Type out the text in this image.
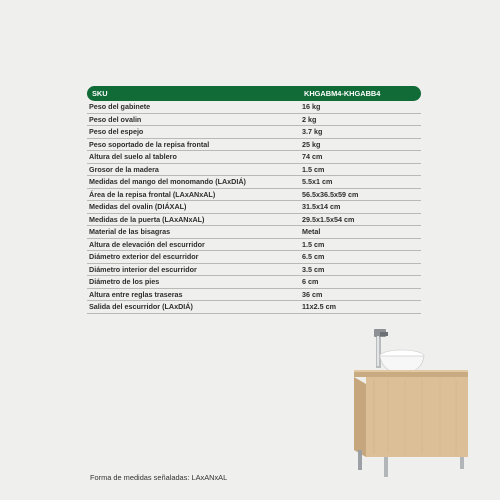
SKU	KHGABM4-KHGABB4
Peso del gabinete	16 kg
Peso del ovalin	2 kg
Peso del espejo	3.7 kg
Peso soportado de la repisa frontal	25 kg
Altura del suelo al tablero	74 cm
Grosor de la madera	1.5 cm
Medidas del mango del monomando (LAxDIÁ)	5.5x1 cm
Área de la repisa frontal (LAxANxAL)	56.5x36.5x59 cm
Medidas del ovalin (DIÁXAL)	31.5x14 cm
Medidas de la puerta (LAxANxAL)	29.5x1.5x54 cm
Material de las bisagras	Metal
Altura de elevación del escurridor	1.5 cm
Diámetro exterior del escurridor	6.5 cm
Diámetro interior del escurridor	3.5 cm
Diámetro de los pies	6 cm
Altura entre reglas traseras	36 cm
Salida del escurridor (LAxDIÁ)	11x2.5 cm
Forma de medidas señaladas: LAxANxAL
